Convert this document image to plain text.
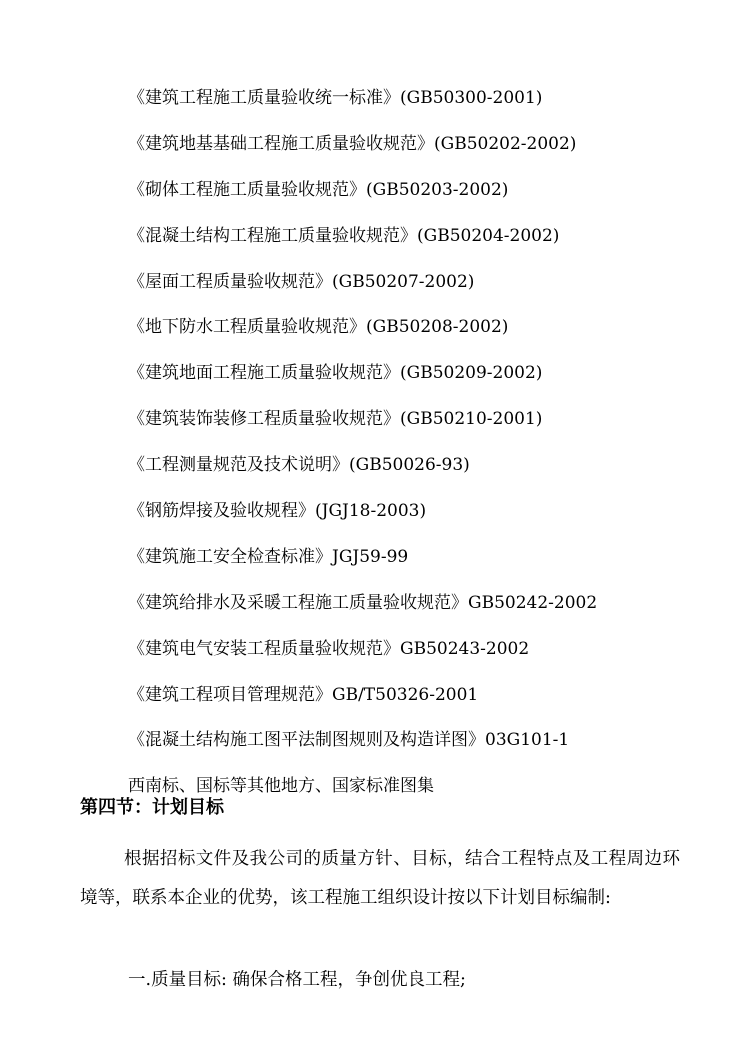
《建筑工程施工质量验收统一标准》(GB50300-2001)
《建筑地基基础工程施工质量验收规范》(GB50202-2002)
《砌体工程施工质量验收规范》(GB50203-2002)
《混凝土结构工程施工质量验收规范》(GB50204-2002)
《屋面工程质量验收规范》(GB50207-2002)
《地下防水工程质量验收规范》(GB50208-2002)
《建筑地面工程施工质量验收规范》(GB50209-2002)
《建筑装饰装修工程质量验收规范》(GB50210-2001)
《工程测量规范及技术说明》(GB50026-93)
《钢筋焊接及验收规程》(JGJ18-2003)
《建筑施工安全检查标准》JGJ59-99
《建筑给排水及采暖工程施工质量验收规范》GB50242-2002
《建筑电气安装工程质量验收规范》GB50243-2002
《建筑工程项目管理规范》GB/T50326-2001
《混凝土结构施工图平法制图规则及构造详图》03G101-1
西南标、国标等其他地方、国家标准图集
第四节：计划目标

根据招标文件及我公司的质量方针、目标，结合工程特点及工程周边环境等，联系本企业的优势，该工程施工组织设计按以下计划目标编制:

一.质量目标: 确保合格工程，争创优良工程;
